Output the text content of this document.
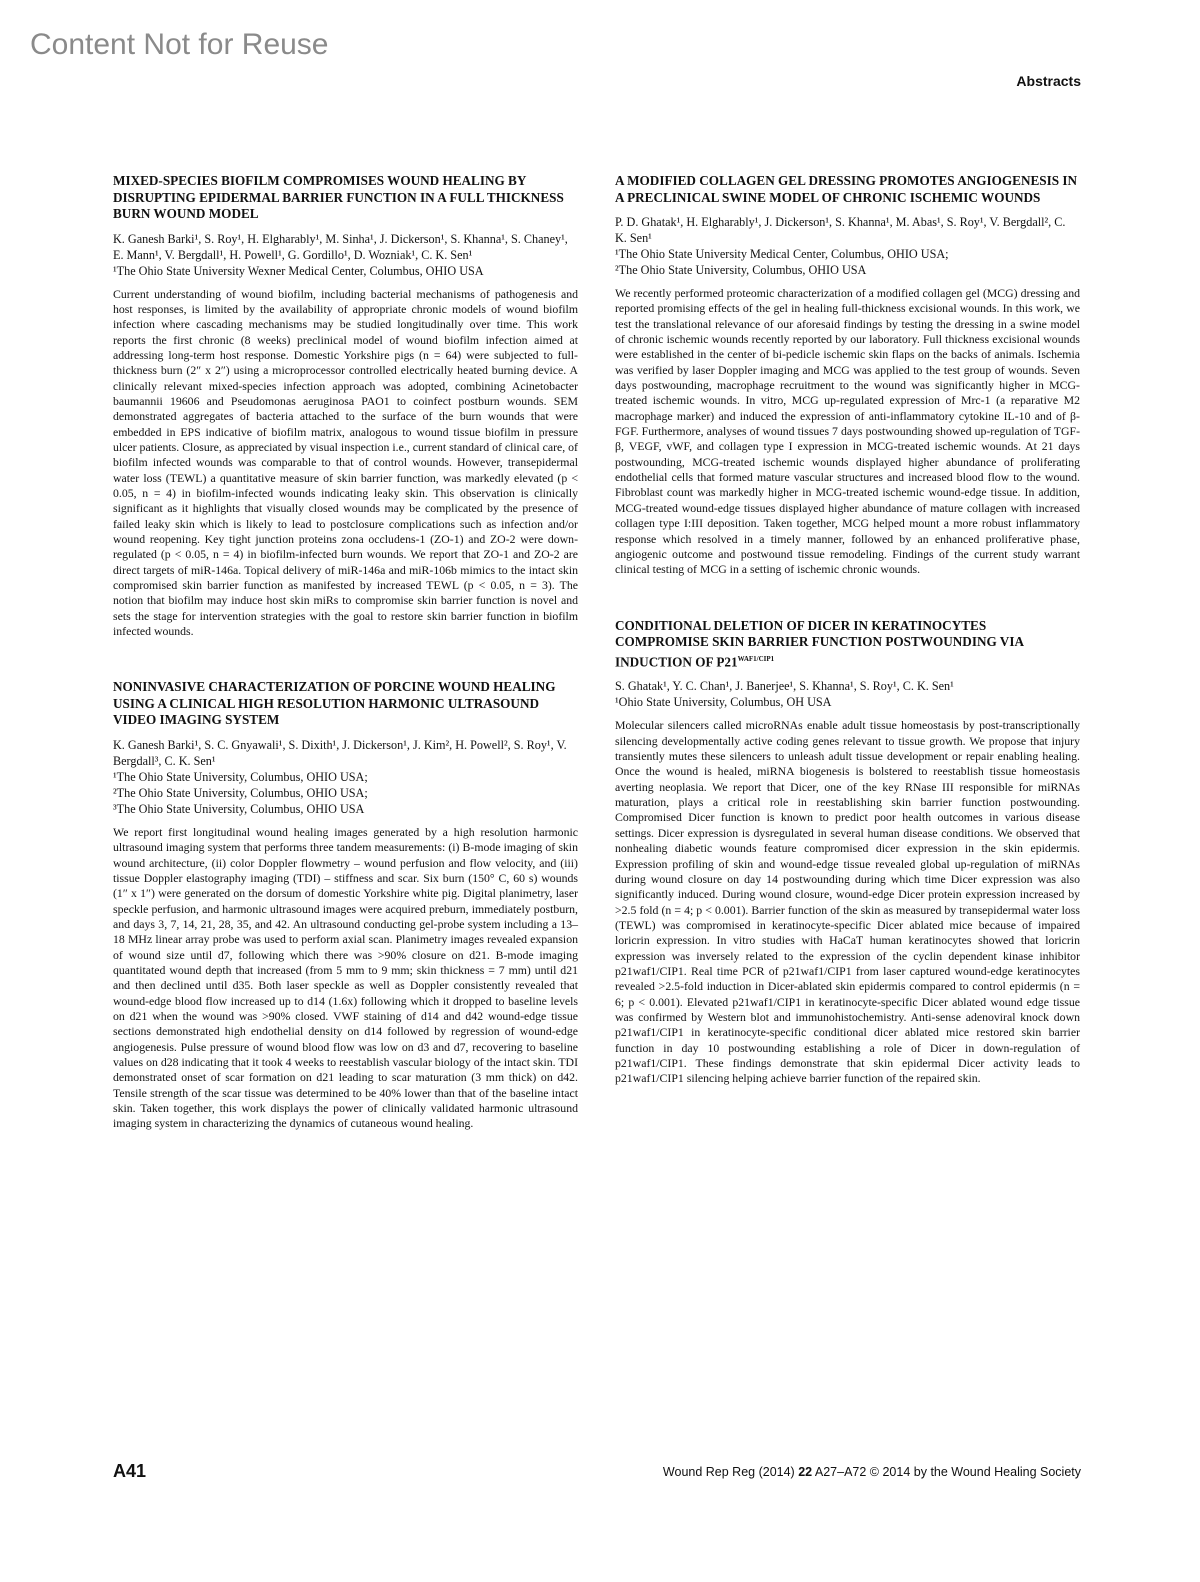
Content Not for Reuse
Abstracts
MIXED-SPECIES BIOFILM COMPROMISES WOUND HEALING BY DISRUPTING EPIDERMAL BARRIER FUNCTION IN A FULL THICKNESS BURN WOUND MODEL

K. Ganesh Barki¹, S. Roy¹, H. Elgharably¹, M. Sinha¹, J. Dickerson¹, S. Khanna¹, S. Chaney¹, E. Mann¹, V. Bergdall¹, H. Powell¹, G. Gordillo¹, D. Wozniak¹, C. K. Sen¹

¹The Ohio State University Wexner Medical Center, Columbus, OHIO USA

Current understanding of wound biofilm, including bacterial mechanisms of pathogenesis and host responses, is limited by the availability of appropriate chronic models of wound biofilm infection where cascading mechanisms may be studied longitudinally over time. This work reports the first chronic (8 weeks) preclinical model of wound biofilm infection aimed at addressing long-term host response. Domestic Yorkshire pigs (n = 64) were subjected to full-thickness burn (2″ x 2″) using a microprocessor controlled electrically heated burning device. A clinically relevant mixed-species infection approach was adopted, combining Acinetobacter baumannii 19606 and Pseudomonas aeruginosa PAO1 to coinfect postburn wounds. SEM demonstrated aggregates of bacteria attached to the surface of the burn wounds that were embedded in EPS indicative of biofilm matrix, analogous to wound tissue biofilm in pressure ulcer patients. Closure, as appreciated by visual inspection i.e., current standard of clinical care, of biofilm infected wounds was comparable to that of control wounds. However, transepidermal water loss (TEWL) a quantitative measure of skin barrier function, was markedly elevated (p < 0.05, n = 4) in biofilm-infected wounds indicating leaky skin. This observation is clinically significant as it highlights that visually closed wounds may be complicated by the presence of failed leaky skin which is likely to lead to postclosure complications such as infection and/or wound reopening. Key tight junction proteins zona occludens-1 (ZO-1) and ZO-2 were down-regulated (p < 0.05, n = 4) in biofilm-infected burn wounds. We report that ZO-1 and ZO-2 are direct targets of miR-146a. Topical delivery of miR-146a and miR-106b mimics to the intact skin compromised skin barrier function as manifested by increased TEWL (p < 0.05, n = 3). The notion that biofilm may induce host skin miRs to compromise skin barrier function is novel and sets the stage for intervention strategies with the goal to restore skin barrier function in biofilm infected wounds.

NONINVASIVE CHARACTERIZATION OF PORCINE WOUND HEALING USING A CLINICAL HIGH RESOLUTION HARMONIC ULTRASOUND VIDEO IMAGING SYSTEM

K. Ganesh Barki¹, S. C. Gnyawali¹, S. Dixith¹, J. Dickerson¹, J. Kim², H. Powell², S. Roy¹, V. Bergdall³, C. K. Sen¹

¹The Ohio State University, Columbus, OHIO USA;

²The Ohio State University, Columbus, OHIO USA;

³The Ohio State University, Columbus, OHIO USA

We report first longitudinal wound healing images generated by a high resolution harmonic ultrasound imaging system that performs three tandem measurements: (i) B-mode imaging of skin wound architecture, (ii) color Doppler flowmetry – wound perfusion and flow velocity, and (iii) tissue Doppler elastography imaging (TDI) – stiffness and scar. Six burn (150° C, 60 s) wounds (1″ x 1″) were generated on the dorsum of domestic Yorkshire white pig. Digital planimetry, laser speckle perfusion, and harmonic ultrasound images were acquired preburn, immediately postburn, and days 3, 7, 14, 21, 28, 35, and 42. An ultrasound conducting gel-probe system including a 13–18 MHz linear array probe was used to perform axial scan. Planimetry images revealed expansion of wound size until d7, following which there was >90% closure on d21. B-mode imaging quantitated wound depth that increased (from 5 mm to 9 mm; skin thickness = 7 mm) until d21 and then declined until d35. Both laser speckle as well as Doppler consistently revealed that wound-edge blood flow increased up to d14 (1.6x) following which it dropped to baseline levels on d21 when the wound was >90% closed. VWF staining of d14 and d42 wound-edge tissue sections demonstrated high endothelial density on d14 followed by regression of wound-edge angiogenesis. Pulse pressure of wound blood flow was low on d3 and d7, recovering to baseline values on d28 indicating that it took 4 weeks to reestablish vascular biology of the intact skin. TDI demonstrated onset of scar formation on d21 leading to scar maturation (3 mm thick) on d42. Tensile strength of the scar tissue was determined to be 40% lower than that of the baseline intact skin. Taken together, this work displays the power of clinically validated harmonic ultrasound imaging system in characterizing the dynamics of cutaneous wound healing.

A MODIFIED COLLAGEN GEL DRESSING PROMOTES ANGIOGENESIS IN A PRECLINICAL SWINE MODEL OF CHRONIC ISCHEMIC WOUNDS

P. D. Ghatak¹, H. Elgharably¹, J. Dickerson¹, S. Khanna¹, M. Abas¹, S. Roy¹, V. Bergdall², C. K. Sen¹

¹The Ohio State University Medical Center, Columbus, OHIO USA;

²The Ohio State University, Columbus, OHIO USA

We recently performed proteomic characterization of a modified collagen gel (MCG) dressing and reported promising effects of the gel in healing full-thickness excisional wounds. In this work, we test the translational relevance of our aforesaid findings by testing the dressing in a swine model of chronic ischemic wounds recently reported by our laboratory. Full thickness excisional wounds were established in the center of bi-pedicle ischemic skin flaps on the backs of animals. Ischemia was verified by laser Doppler imaging and MCG was applied to the test group of wounds. Seven days postwounding, macrophage recruitment to the wound was significantly higher in MCG-treated ischemic wounds. In vitro, MCG up-regulated expression of Mrc-1 (a reparative M2 macrophage marker) and induced the expression of anti-inflammatory cytokine IL-10 and of β-FGF. Furthermore, analyses of wound tissues 7 days postwounding showed up-regulation of TGF-β, VEGF, vWF, and collagen type I expression in MCG-treated ischemic wounds. At 21 days postwounding, MCG-treated ischemic wounds displayed higher abundance of proliferating endothelial cells that formed mature vascular structures and increased blood flow to the wound. Fibroblast count was markedly higher in MCG-treated ischemic wound-edge tissue. In addition, MCG-treated wound-edge tissues displayed higher abundance of mature collagen with increased collagen type I:III deposition. Taken together, MCG helped mount a more robust inflammatory response which resolved in a timely manner, followed by an enhanced proliferative phase, angiogenic outcome and postwound tissue remodeling. Findings of the current study warrant clinical testing of MCG in a setting of ischemic chronic wounds.

CONDITIONAL DELETION OF DICER IN KERATINOCYTES COMPROMISE SKIN BARRIER FUNCTION POSTWOUNDING VIA INDUCTION OF $P21^{WAF1/CIP1}$

S. Ghatak¹, Y. C. Chan¹, J. Banerjee¹, S. Khanna¹, S. Roy¹, C. K. Sen¹

¹Ohio State University, Columbus, OH USA

Molecular silencers called microRNAs enable adult tissue homeostasis by post-transcriptionally silencing developmentally active coding genes relevant to tissue growth. We propose that injury transiently mutes these silencers to unleash adult tissue development or repair enabling healing. Once the wound is healed, miRNA biogenesis is bolstered to reestablish tissue homeostasis averting neoplasia. We report that Dicer, one of the key RNase III responsible for miRNAs maturation, plays a critical role in reestablishing skin barrier function postwounding. Compromised Dicer function is known to predict poor health outcomes in various disease settings. Dicer expression is dysregulated in several human disease conditions. We observed that nonhealing diabetic wounds feature compromised dicer expression in the skin epidermis. Expression profiling of skin and wound-edge tissue revealed global up-regulation of miRNAs during wound closure on day 14 postwounding during which time Dicer expression was also significantly induced. During wound closure, wound-edge Dicer protein expression increased by >2.5 fold (n = 4; p < 0.001). Barrier function of the skin as measured by transepidermal water loss (TEWL) was compromised in keratinocyte-specific Dicer ablated mice because of impaired loricrin expression. In vitro studies with HaCaT human keratinocytes showed that loricrin expression was inversely related to the expression of the cyclin dependent kinase inhibitor p21waf1/CIP1. Real time PCR of p21waf1/CIP1 from laser captured wound-edge keratinocytes revealed >2.5-fold induction in Dicer-ablated skin epidermis compared to control epidermis (n = 6; p < 0.001). Elevated p21waf1/CIP1 in keratinocyte-specific Dicer ablated wound edge tissue was confirmed by Western blot and immunohistochemistry. Anti-sense adenoviral knock down p21waf1/CIP1 in keratinocyte-specific conditional dicer ablated mice restored skin barrier function in day 10 postwounding establishing a role of Dicer in down-regulation of p21waf1/CIP1. These findings demonstrate that skin epidermal Dicer activity leads to p21waf1/CIP1 silencing helping achieve barrier function of the repaired skin.

A41	Wound Rep Reg (2014) 22 A27–A72 © 2014 by the Wound Healing Society
